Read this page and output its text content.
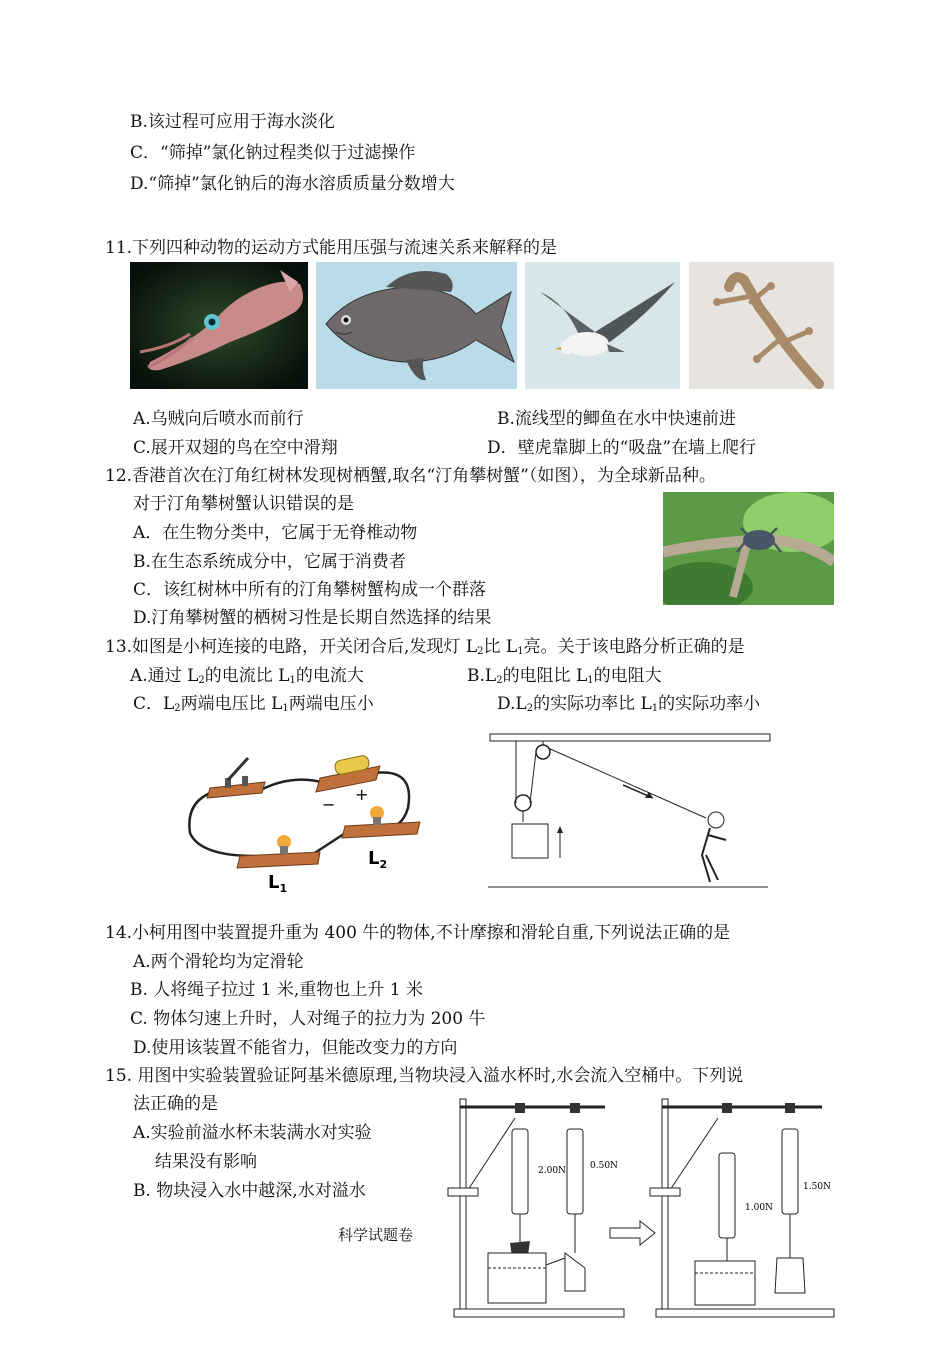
B.该过程可应用于海水淡化
C．“筛掉”氯化钠过程类似于过滤操作
D.“筛掉”氯化钠后的海水溶质质量分数增大
11.下列四种动物的运动方式能用压强与流速关系来解释的是
A.乌贼向后喷水而前行	B.流线型的鲫鱼在水中快速前进
C.展开双翅的鸟在空中滑翔	D．壁虎靠脚上的“吸盘”在墙上爬行
12.香港首次在汀角红树林发现树栖蟹,取名“汀角攀树蟹”（如图），为全球新品种。
对于汀角攀树蟹认识错误的是
A．在生物分类中，它属于无脊椎动物
B.在生态系统成分中，它属于消费者
C．该红树林中所有的汀角攀树蟹构成一个群落
D.汀角攀树蟹的栖树习性是长期自然选择的结果
13.如图是小柯连接的电路，开关闭合后,发现灯 $L_2$比 $L_1$亮。关于该电路分析正确的是
A.通过 $L_2$的电流比 $L_1$的电流大	$B.L_2$的电阻比 $L_1$的电阻大
C．$L_2$两端电压比 $L_1$两端电压小	$D.L_2$的实际功率比 $L_1$的实际功率小
−
+
$L_1$
$L_2$
14.小柯用图中装置提升重为 400 牛的物体,不计摩擦和滑轮自重,下列说法正确的是
A.两个滑轮均为定滑轮
B. 人将绳子拉过 1 米,重物也上升 1 米
C. 物体匀速上升时，人对绳子的拉力为 200 牛
D.使用该装置不能省力，但能改变力的方向
15. 用图中实验装置验证阿基米德原理,当物块浸入溢水杯时,水会流入空桶中。下列说
法正确的是
A.实验前溢水杯未装满水对实验
结果没有影响
B. 物块浸入水中越深,水对溢水
2.00N	0.50N
1.00N
1.50N
科学试题卷
